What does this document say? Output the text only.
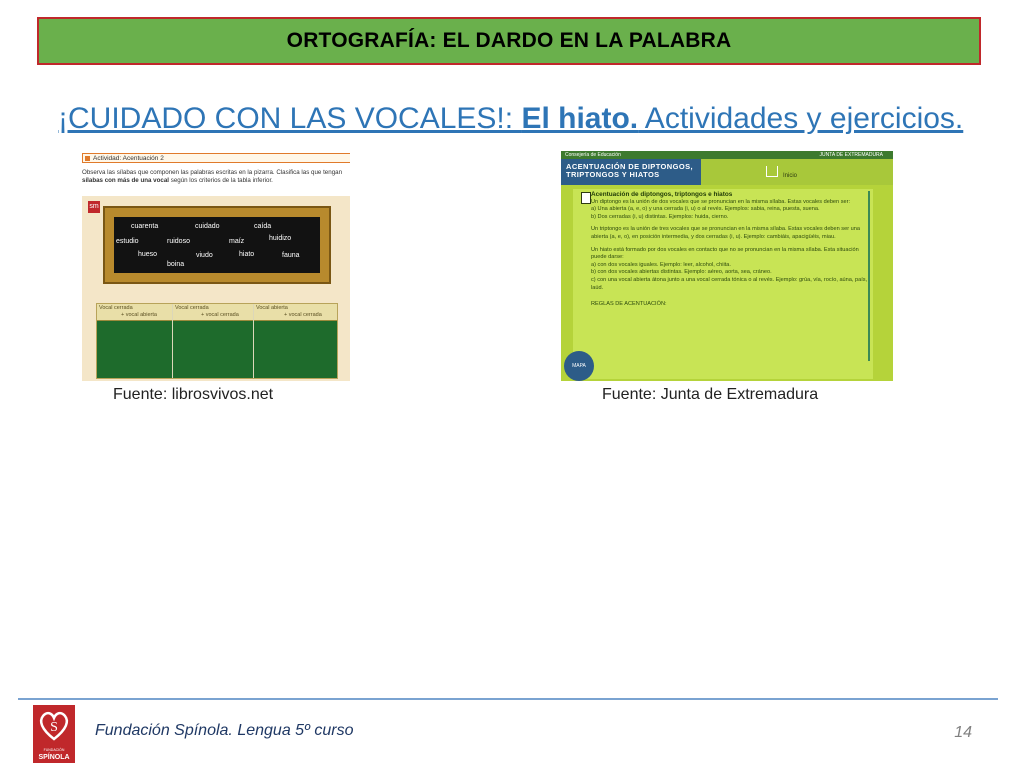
ORTOGRAFÍA: EL DARDO EN LA PALABRA
¡CUIDADO CON LAS VOCALES!: El hiato. Actividades y ejercicios.
Actividad: Acentuación 2
Observa las sílabas que componen las palabras escritas en la pizarra. Clasifica las que tengan sílabas con más de una vocal según los criterios de la tabla inferior.
sm
cuarenta	cuidado	caída
estudio	ruidoso	maíz	huidizo
hueso	viudo	hiato	fauna
boina
Vocal cerrada
+ vocal abierta
Vocal cerrada
+ vocal cerrada
Vocal abierta
+ vocal cerrada
Consejería de Educación	JUNTA DE EXTREMADURA
ACENTUACIÓN DE DIPTONGOS,
TRIPTONGOS Y HIATOS	Inicio
Acentuación de diptongos, triptongos e hiatos
Un diptongo es la unión de dos vocales que se pronuncian en la misma sílaba. Estas vocales deben ser:
a) Una abierta (a, e, o) y una cerrada (i, u) o al revés. Ejemplos: sabia, reina, puesta, suena.
b) Dos cerradas (i, u) distintas. Ejemplos: huida, cierno.
Un triptongo es la unión de tres vocales que se pronuncian en la misma sílaba. Estas vocales deben ser una abierta (a, e, o), en posición intermedia, y dos cerradas (i, u). Ejemplo: cambiáis, apacigüéis, miau.
Un hiato está formado por dos vocales en contacto que no se pronuncian en la misma sílaba. Esta situación puede darse:
a) con dos vocales iguales. Ejemplo: leer, alcohol, chiita.
b) con dos vocales abiertas distintas. Ejemplo: aéreo, aorta, sea, cráneo.
c) con una vocal abierta átona junto a una vocal cerrada tónica o al revés. Ejemplo: grúa, vía, rocío, aúna, país, laúd.
REGLAS DE ACENTUACIÓN:
MAPA
Fuente: librosvivos.net	Fuente: Junta de Extremadura
S
FUNDACIÓN
SPÍNOLA
Fundación Spínola. Lengua 5º curso	14
